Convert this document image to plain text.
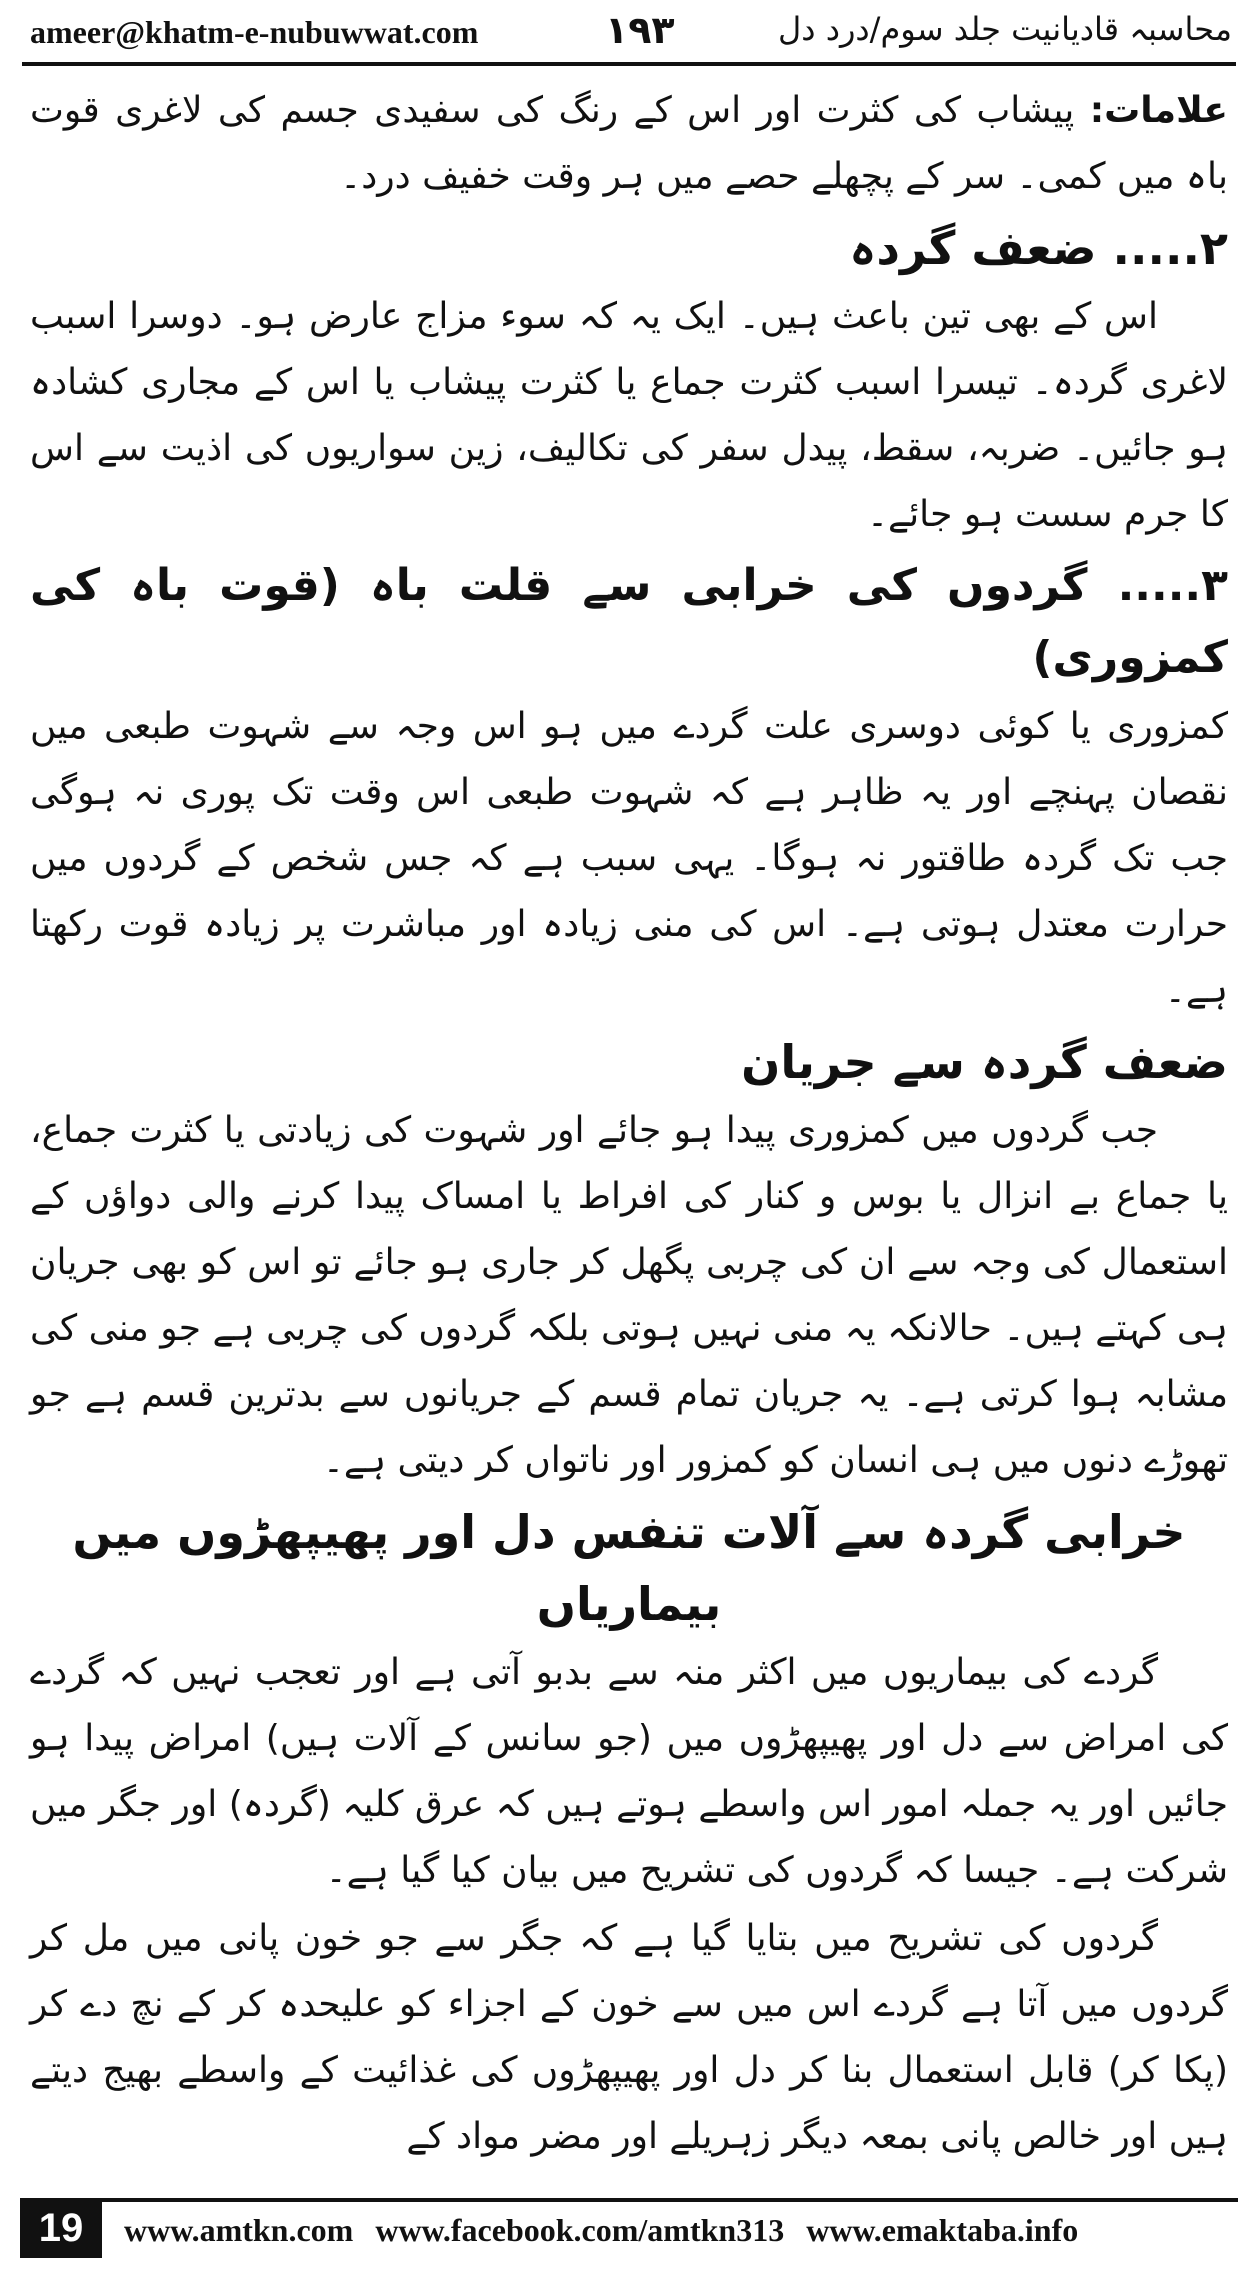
ameer@khatm-e-nubuwwat.com	۱۹۳	محاسبہ قادیانیت جلد سوم/درد دل

علامات: پیشاب کی کثرت اور اس کے رنگ کی سفیدی جسم کی لاغری قوت باہ میں کمی۔ سر کے پچھلے حصے میں ہر وقت خفیف درد۔

۲..... ضعف گردہ

اس کے بھی تین باعث ہیں۔ ایک یہ کہ سوء مزاج عارض ہو۔ دوسرا اسبب لاغری گردہ۔ تیسرا اسبب کثرت جماع یا کثرت پیشاب یا اس کے مجاری کشادہ ہو جائیں۔ ضربہ، سقط، پیدل سفر کی تکالیف، زین سواریوں کی اذیت سے اس کا جرم سست ہو جائے۔

۳..... گردوں کی خرابی سے قلت باہ (قوت باہ کی کمزوری)

کمزوری یا کوئی دوسری علت گردے میں ہو اس وجہ سے شہوت طبعی میں نقصان پہنچے اور یہ ظاہر ہے کہ شہوت طبعی اس وقت تک پوری نہ ہوگی جب تک گردہ طاقتور نہ ہوگا۔ یہی سبب ہے کہ جس شخص کے گردوں میں حرارت معتدل ہوتی ہے۔ اس کی منی زیادہ اور مباشرت پر زیادہ قوت رکھتا ہے۔

ضعف گردہ سے جریان

جب گردوں میں کمزوری پیدا ہو جائے اور شہوت کی زیادتی یا کثرت جماع، یا جماع بے انزال یا بوس و کنار کی افراط یا امساک پیدا کرنے والی دواؤں کے استعمال کی وجہ سے ان کی چربی پگھل کر جاری ہو جائے تو اس کو بھی جریان ہی کہتے ہیں۔ حالانکہ یہ منی نہیں ہوتی بلکہ گردوں کی چربی ہے جو منی کی مشابہ ہوا کرتی ہے۔ یہ جریان تمام قسم کے جریانوں سے بدترین قسم ہے جو تھوڑے دنوں میں ہی انسان کو کمزور اور ناتواں کر دیتی ہے۔

خرابی گردہ سے آلات تنفس دل اور پھیپھڑوں میں بیماریاں

گردے کی بیماریوں میں اکثر منہ سے بدبو آتی ہے اور تعجب نہیں کہ گردے کی امراض سے دل اور پھیپھڑوں میں (جو سانس کے آلات ہیں) امراض پیدا ہو جائیں اور یہ جملہ امور اس واسطے ہوتے ہیں کہ عرق کلیہ (گردہ) اور جگر میں شرکت ہے۔ جیسا کہ گردوں کی تشریح میں بیان کیا گیا ہے۔

گردوں کی تشریح میں بتایا گیا ہے کہ جگر سے جو خون پانی میں مل کر گردوں میں آتا ہے گردے اس میں سے خون کے اجزاء کو علیحدہ کر کے نچ دے کر (پکا کر) قابل استعمال بنا کر دل اور پھیپھڑوں کی غذائیت کے واسطے بھیج دیتے ہیں اور خالص پانی بمعہ دیگر زہریلے اور مضر مواد کے

19	www.amtkn.com www.facebook.com/amtkn313 www.emaktaba.info
